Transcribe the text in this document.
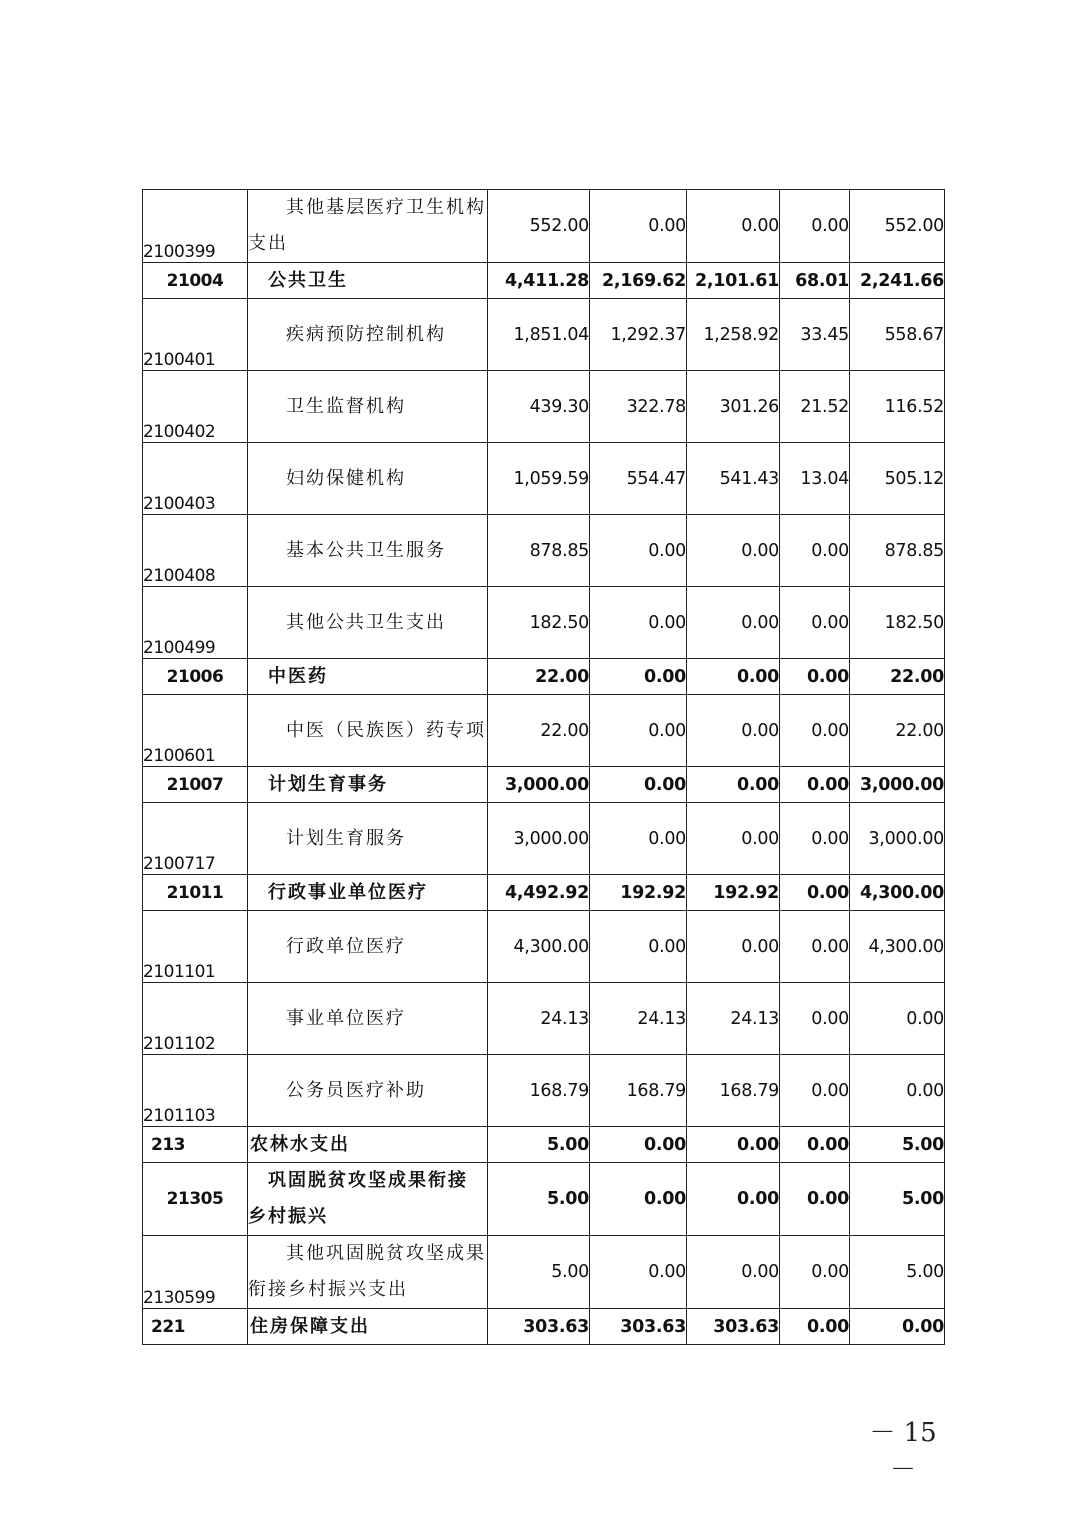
2100399	其他基层医疗卫生机构支出	552.00	0.00	0.00	0.00	552.00
21004	公共卫生	4,411.28	2,169.62	2,101.61	68.01	2,241.66
2100401	疾病预防控制机构	1,851.04	1,292.37	1,258.92	33.45	558.67
2100402	卫生监督机构	439.30	322.78	301.26	21.52	116.52
2100403	妇幼保健机构	1,059.59	554.47	541.43	13.04	505.12
2100408	基本公共卫生服务	878.85	0.00	0.00	0.00	878.85
2100499	其他公共卫生支出	182.50	0.00	0.00	0.00	182.50
21006	中医药	22.00	0.00	0.00	0.00	22.00
2100601	中医（民族医）药专项	22.00	0.00	0.00	0.00	22.00
21007	计划生育事务	3,000.00	0.00	0.00	0.00	3,000.00
2100717	计划生育服务	3,000.00	0.00	0.00	0.00	3,000.00
21011	行政事业单位医疗	4,492.92	192.92	192.92	0.00	4,300.00
2101101	行政单位医疗	4,300.00	0.00	0.00	0.00	4,300.00
2101102	事业单位医疗	24.13	24.13	24.13	0.00	0.00
2101103	公务员医疗补助	168.79	168.79	168.79	0.00	0.00
213	农林水支出	5.00	0.00	0.00	0.00	5.00
21305	巩固脱贫攻坚成果衔接乡村振兴	5.00	0.00	0.00	0.00	5.00
2130599	其他巩固脱贫攻坚成果衔接乡村振兴支出	5.00	0.00	0.00	0.00	5.00
221	住房保障支出	303.63	303.63	303.63	0.00	0.00
－ 15 －
